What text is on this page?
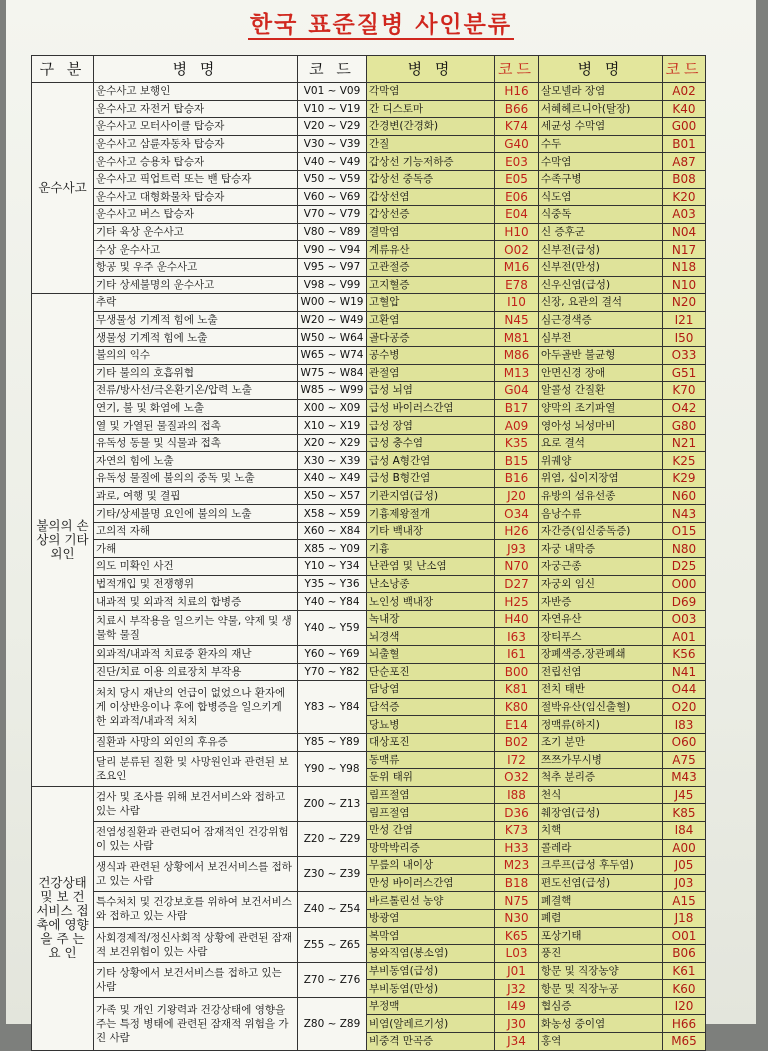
한국 표준질병 사인분류
구 분	병 명	코 드	병 명	코드	병 명	코드
운수사고	운수사고 보행인	V01 ~ V09	각막염	H16	살모넬라 장염	A02
	운수사고 자전거 탑승자	V10 ~ V19	간 디스토마	B66	서혜헤르니아(탈장)	K40
	운수사고 모터사이클 탑승자	V20 ~ V29	간경변(간경화)	K74	세균성 수막염	G00
	운수사고 삼륜자동차 탑승자	V30 ~ V39	간질	G40	수두	B01
	운수사고 승용차 탑승자	V40 ~ V49	갑상선 기능저하증	E03	수막염	A87
	운수사고 픽업트럭 또는 밴 탑승자	V50 ~ V59	갑상선 중독증	E05	수족구병	B08
	운수사고 대형화물차 탑승자	V60 ~ V69	갑상선염	E06	식도염	K20
	운수사고 버스 탑승자	V70 ~ V79	갑상선증	E04	식중독	A03
	기타 육상 운수사고	V80 ~ V89	결막염	H10	신 증후군	N04
	수상 운수사고	V90 ~ V94	계류유산	O02	신부전(급성)	N17
	항공 및 우주 운수사고	V95 ~ V97	고관절증	M16	신부전(만성)	N18
	기타 상세불명의 운수사고	V98 ~ V99	고지혈증	E78	신우신염(급성)	N10
불의의 손상의 기타 외인	추락	W00 ~ W19	고혈압	I10	신장, 요관의 결석	N20
	무생물성 기계적 힘에 노출	W20 ~ W49	고환염	N45	심근경색증	I21
	생물성 기계적 힘에 노출	W50 ~ W64	골다공증	M81	심부전	I50
	불의의 익수	W65 ~ W74	공수병	M86	아두골반 불균형	O33
	기타 불의의 호흡위협	W75 ~ W84	관절염	M13	안면신경 장애	G51
	전류/방사선/극온환기온/압력 노출	W85 ~ W99	급성 뇌염	G04	알콜성 간질환	K70
	연기, 불 및 화염에 노출	X00 ~ X09	급성 바이러스간염	B17	양막의 조기파열	O42
	열 및 가열된 물질과의 접촉	X10 ~ X19	급성 장염	A09	영아성 뇌성마비	G80
	유독성 동물 및 식물과 접촉	X20 ~ X29	급성 충수염	K35	요로 결석	N21
	자연의 힘에 노출	X30 ~ X39	급성 A형간염	B15	위궤양	K25
	유독성 물질에 불의의 중독 및 노출	X40 ~ X49	급성 B형간염	B16	위염, 십이지장염	K29
	과로, 여행 및 결핍	X50 ~ X57	기관지염(급성)	J20	유방의 섬유선종	N60
	기타/상세불명 요인에 불의의 노출	X58 ~ X59	기흉제왕절개	O34	음낭수류	N43
	고의적 자해	X60 ~ X84	기타 백내장	H26	자간증(임신중독증)	O15
	가해	X85 ~ Y09	기흉	J93	자궁 내막증	N80
	의도 미확인 사건	Y10 ~ Y34	난관염 및 난소염	N70	자궁근종	D25
	법적개입 및 전쟁행위	Y35 ~ Y36	난소낭종	D27	자궁외 임신	O00
	내과적 및 외과적 치료의 합병증	Y40 ~ Y84	노인성 백내장	H25	자반증	D69
	치료시 부작용을 일으키는 약물, 약제 및 생물학 물질	Y40 ~ Y59	녹내장	H40	자연유산	O03
			뇌경색	I63	장티푸스	A01
	외과적/내과적 치료중 환자의 재난	Y60 ~ Y69	뇌출혈	I61	장폐색증,장관폐쇄	K56
	진단/치료 이용 의료장치 부작용	Y70 ~ Y82	단순포진	B00	전립선염	N41
	처치 당시 재난의 언급이 없었으나 환자에게 이상반응이나 후에 합병증을 일으키게 한 외과적/내과적 처치	Y83 ~ Y84	담낭염	K81	전치 태반	O44
			담석증	K80	절박유산(임신출혈)	O20
			당뇨병	E14	정맥류(하지)	I83
	질환과 사망의 외인의 후유증	Y85 ~ Y89	대상포진	B02	조기 분만	O60
	달리 분류된 질환 및 사망원인과 관련된 보조요인	Y90 ~ Y98	동맥류	I72	쯔쯔가무시병	A75
			둔위 태위	O32	척추 분리증	M43
건강상태 및 보 건 서비스 접촉에 영향을 주 는 요 인	검사 및 조사를 위해 보건서비스와 접하고 있는 사람	Z00 ~ Z13	림프절염	I88	천식	J45
			림프절염	D36	췌장염(급성)	K85
	전염성질환과 관련되어 잠재적인 건강위험이 있는 사람	Z20 ~ Z29	만성 간염	K73	치핵	I84
			망막박리증	H33	콜레라	A00
	생식과 관련된 상황에서 보건서비스를 접하고 있는 사람	Z30 ~ Z39	무릎의 내이상	M23	크루프(급성 후두염)	J05
			만성 바이러스간염	B18	편도선염(급성)	J03
	특수처치 및 건강보호를 위하여 보건서비스와 접하고 있는 사람	Z40 ~ Z54	바르톨린선 농양	N75	폐결핵	A15
			방광염	N30	폐렴	J18
	사회경제적/정신사회적 상황에 관련된 잠재적 보건위험이 있는 사람	Z55 ~ Z65	복막염	K65	포상기태	O01
			봉와직염(봉소염)	L03	풍진	B06
	기타 상황에서 보건서비스를 접하고 있는 사람	Z70 ~ Z76	부비동염(급성)	J01	항문 및 직장농양	K61
			부비동염(만성)	J32	항문 및 직장누공	K60
	가족 및 개인 기왕력과 건강상태에 영향을 주는 특정 병태에 관련된 잠재적 위험을 가진 사람	Z80 ~ Z89	부정맥	I49	협심증	I20
			비염(알레르기성)	J30	화농성 중이염	H66
			비중격 만곡증	J34	홍역	M65
